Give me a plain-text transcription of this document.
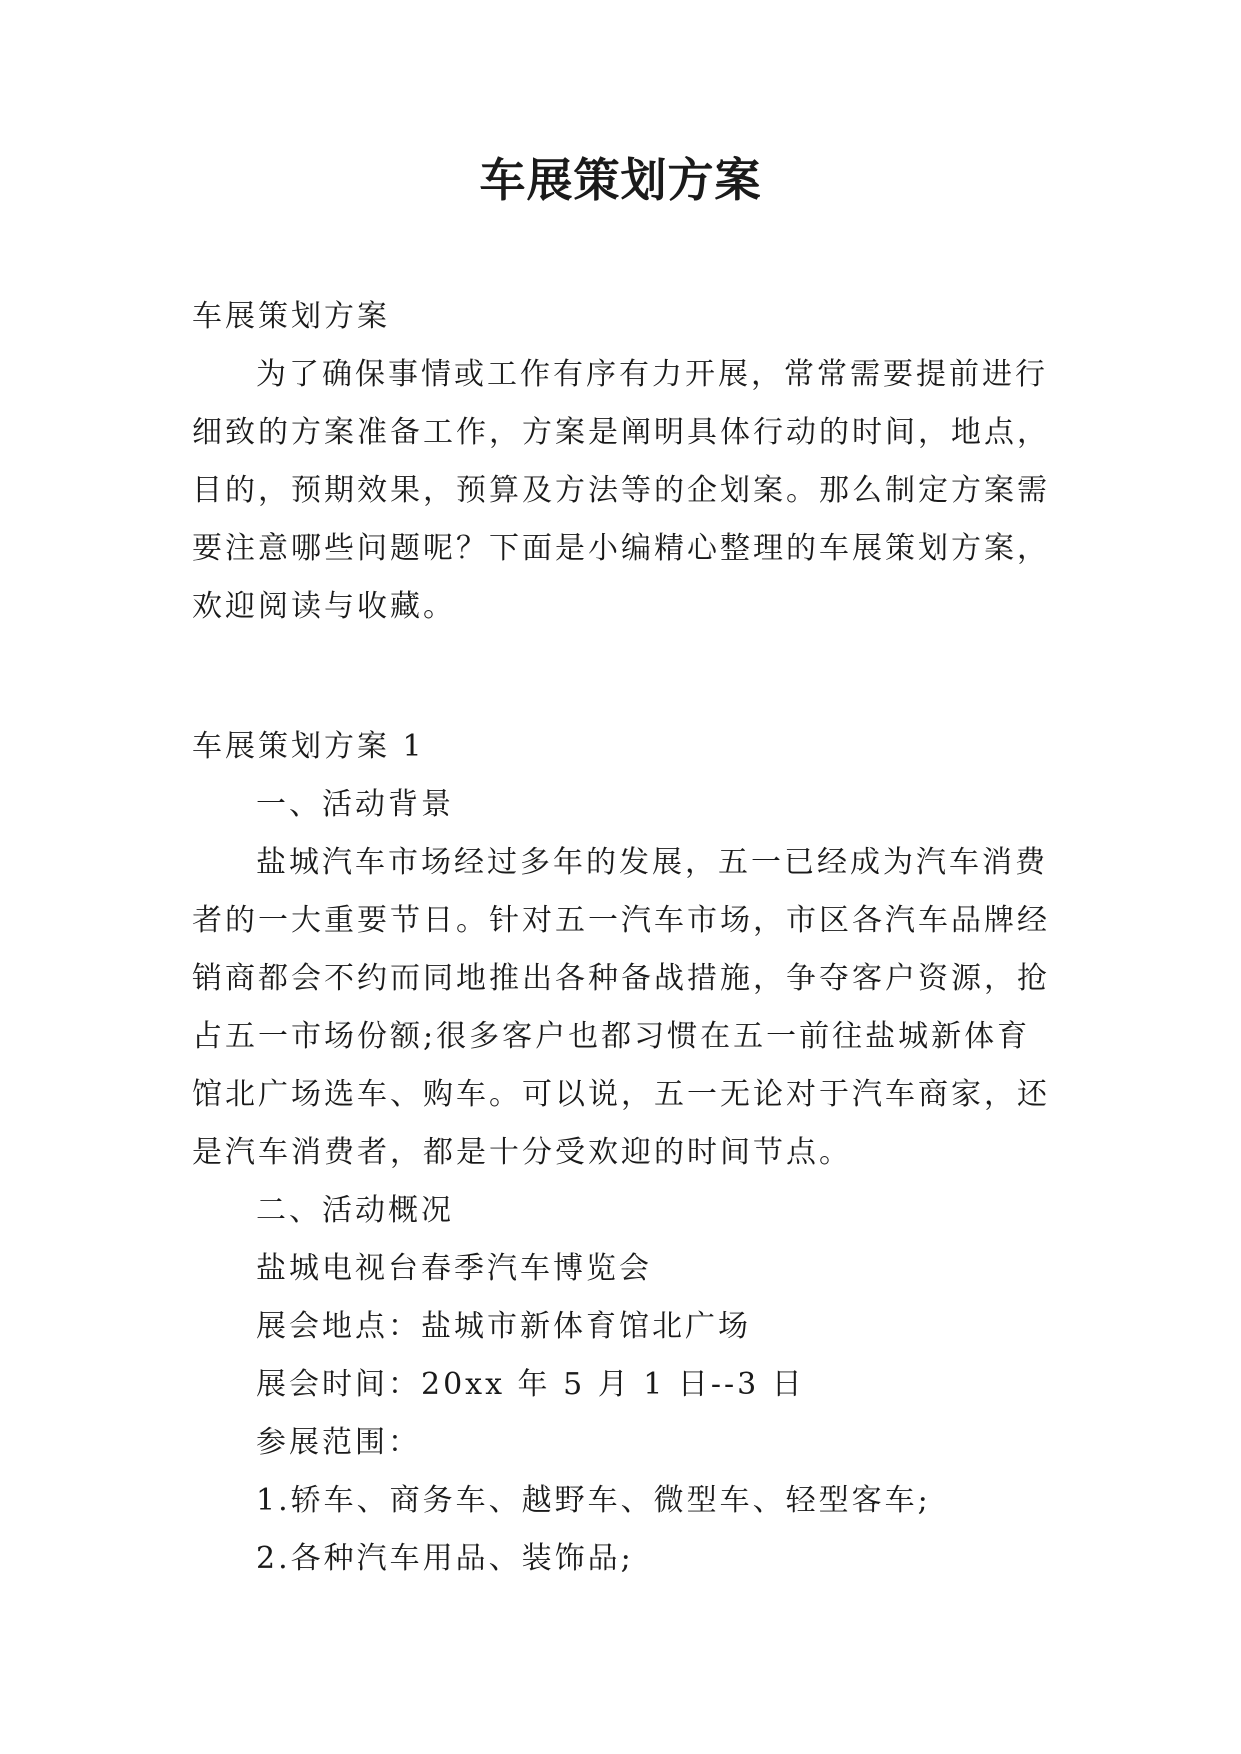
车展策划方案
车展策划方案
为了确保事情或工作有序有力开展，常常需要提前进行
细致的方案准备工作，方案是阐明具体行动的时间，地点，
目的，预期效果，预算及方法等的企划案。那么制定方案需
要注意哪些问题呢？下面是小编精心整理的车展策划方案，
欢迎阅读与收藏。
车展策划方案 1
一、活动背景
盐城汽车市场经过多年的发展，五一已经成为汽车消费
者的一大重要节日。针对五一汽车市场，市区各汽车品牌经
销商都会不约而同地推出各种备战措施，争夺客户资源，抢
占五一市场份额;很多客户也都习惯在五一前往盐城新体育
馆北广场选车、购车。可以说，五一无论对于汽车商家，还
是汽车消费者，都是十分受欢迎的时间节点。
二、活动概况
盐城电视台春季汽车博览会
展会地点：盐城市新体育馆北广场
展会时间：20xx 年 5 月 1 日--3 日
参展范围：
1.轿车、商务车、越野车、微型车、轻型客车;
2.各种汽车用品、装饰品;
